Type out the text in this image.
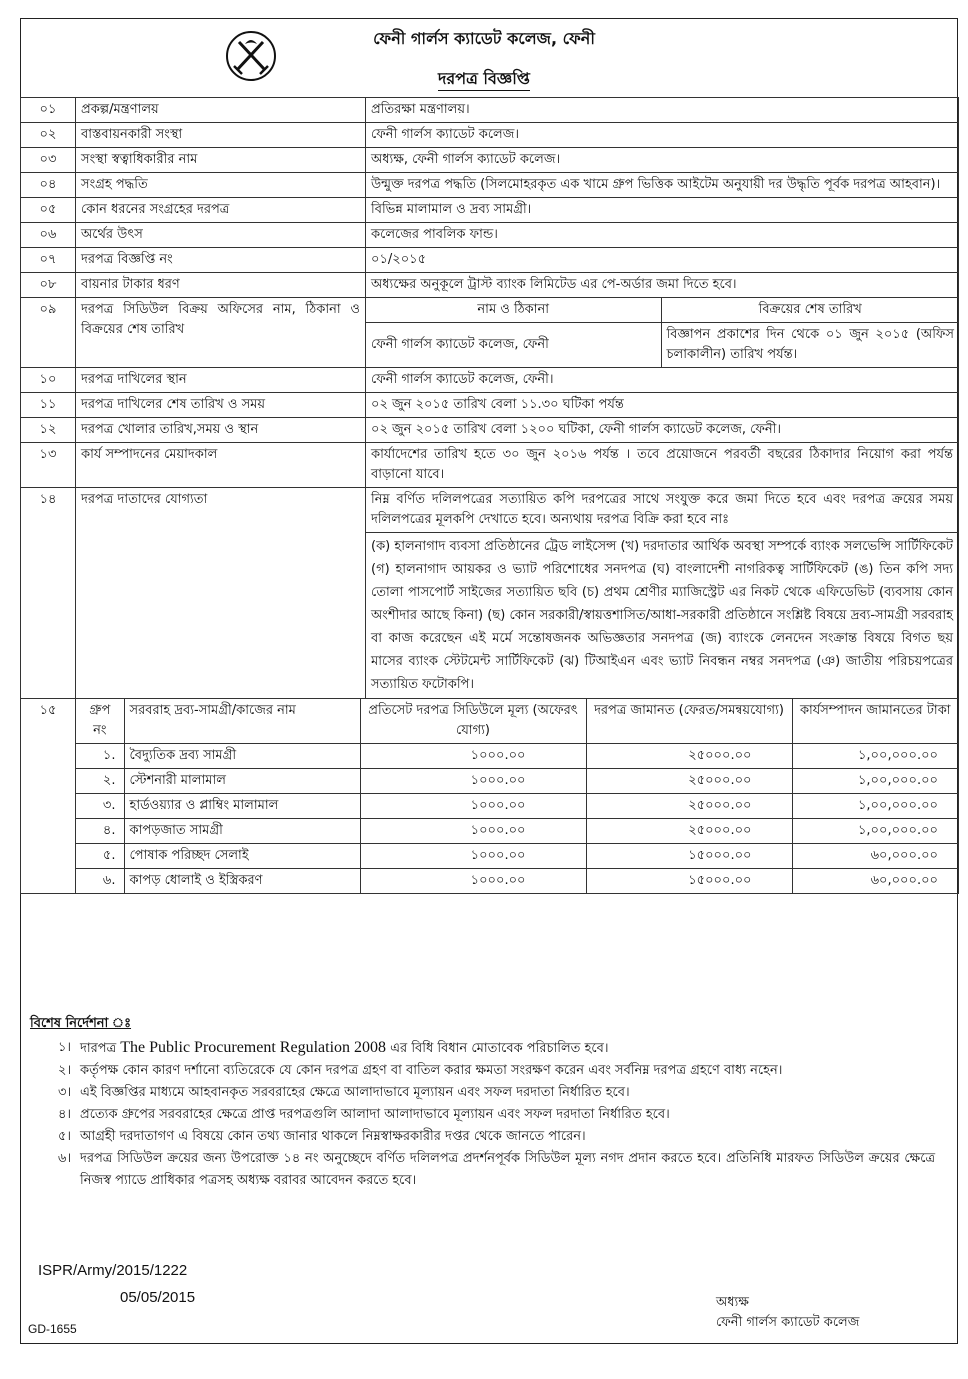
ফেনী গার্লস ক্যাডেট কলেজ, ফেনী
দরপত্র বিজ্ঞপ্তি
০১	প্রকল্প/মন্ত্রণালয়	প্রতিরক্ষা মন্ত্রণালয়।
০২	বাস্তবায়নকারী সংস্থা	ফেনী গার্লস ক্যাডেট কলেজ।
০৩	সংস্থা স্বত্বাধিকারীর নাম	অধ্যক্ষ, ফেনী গার্লস ক্যাডেট কলেজ।
০৪	সংগ্রহ পদ্ধতি	উন্মুক্ত দরপত্র পদ্ধতি (সিলমোহরকৃত এক খামে গ্রুপ ভিত্তিক আইটেম অনুযায়ী দর উদ্ধৃতি পূর্বক দরপত্র আহবান)।
০৫	কোন ধরনের সংগ্রহের দরপত্র	বিভিন্ন মালামাল ও দ্রব্য সামগ্রী।
০৬	অর্থের উৎস	কলেজের পাবলিক ফান্ড।
০৭	দরপত্র বিজ্ঞপ্তি নং	০১/২০১৫
০৮	বায়নার টাকার ধরণ	অধ্যক্ষের অনুকূলে ট্রাস্ট ব্যাংক লিমিটেড এর পে-অর্ডার জমা দিতে হবে।
০৯	দরপত্র সিডিউল বিক্রয় অফিসের নাম, ঠিকানা ও বিক্রয়ের শেষ তারিখ	
নাম ও ঠিকানা	বিক্রয়ের শেষ তারিখ
ফেনী গার্লস ক্যাডেট কলেজ, ফেনী	বিজ্ঞাপন প্রকাশের দিন থেকে ০১ জুন ২০১৫ (অফিস চলাকালীন) তারিখ পর্যন্ত।

১০	দরপত্র দাখিলের স্থান	ফেনী গার্লস ক্যাডেট কলেজ, ফেনী।
১১	দরপত্র দাখিলের শেষ তারিখ ও সময়	০২ জুন ২০১৫ তারিখ বেলা ১১.৩০ ঘটিকা পর্যন্ত
১২	দরপত্র খোলার তারিখ,সময় ও স্থান	০২ জুন ২০১৫ তারিখ বেলা ১২০০ ঘটিকা, ফেনী গার্লস ক্যাডেট কলেজ, ফেনী।
১৩	কার্য সম্পাদনের মেয়াদকাল	কার্যাদেশের তারিখ হতে ৩০ জুন ২০১৬ পর্যন্ত । তবে প্রয়োজনে পরবর্তী বছরের ঠিকাদার নিয়োগ করা পর্যন্ত বাড়ানো যাবে।
১৪	দরপত্র দাতাদের যোগ্যতা	নিম্ন বর্ণিত দলিলপত্রের সত্যায়িত কপি দরপত্রের সাথে সংযুক্ত করে জমা দিতে হবে এবং দরপত্র ক্রয়ের সময় দলিলপত্রের মূলকপি দেখাতে হবে। অন্যথায় দরপত্র বিক্রি করা হবে নাঃ
(ক) হালনাগাদ ব্যবসা প্রতিষ্ঠানের ট্রেড লাইসেন্স (খ) দরদাতার আর্থিক অবস্থা সম্পর্কে ব্যাংক সলভেন্সি সার্টিফিকেট (গ) হালনাগাদ আয়কর ও ভ্যাট পরিশোধের সনদপত্র (ঘ) বাংলাদেশী নাগরিকত্ব সার্টিফিকেট (ঙ) তিন কপি সদ্য তোলা পাসপোর্ট সাইজের সত্যায়িত ছবি (চ) প্রথম শ্রেণীর ম্যাজিস্ট্রেট এর নিকট থেকে এফিডেভিট (ব্যবসায় কোন অংশীদার আছে কিনা) (ছ) কোন সরকারী/স্বায়ত্তশাসিত/আধা-সরকারী প্রতিষ্ঠানে সংশ্লিষ্ট বিষয়ে দ্রব্য-সামগ্রী সরবরাহ বা কাজ করেছেন এই মর্মে সন্তোষজনক অভিজ্ঞতার সনদপত্র (জ) ব্যাংকে লেনদেন সংক্রান্ত বিষয়ে বিগত ছয় মাসের ব্যাংক স্টেটমেন্ট সার্টিফিকেট (ঝ) টিআইএন এবং ভ্যাট নিবন্ধন নম্বর সনদপত্র (ঞ) জাতীয় পরিচয়পত্রের সত্যায়িত ফটোকপি।

১৫		গ্রুপ নং	সরবরাহ দ্রব্য-সামগ্রী/কাজের নাম	প্রতিসেট দরপত্র সিডিউলে মূল্য (অফেরৎ যোগ্য)	দরপত্র জামানত (ফেরত/সমন্বয়যোগ্য)	কার্যসম্পাদন জামানতের টাকা
১.	বৈদ্যুতিক দ্রব্য সামগ্রী	১০০০.০০	২৫০০০.০০	১,০০,০০০.০০
২.	স্টেশনারী মালামাল	১০০০.০০	২৫০০০.০০	১,০০,০০০.০০
৩.	হার্ডওয়্যার ও প্লাম্বিং মালামাল	১০০০.০০	২৫০০০.০০	১,০০,০০০.০০
৪.	কাপড়জাত সামগ্রী	১০০০.০০	২৫০০০.০০	১,০০,০০০.০০
৫.	পোষাক পরিচ্ছদ সেলাই	১০০০.০০	১৫০০০.০০	৬০,০০০.০০
৬.	কাপড় ধোলাই ও ইস্ত্রিকরণ	১০০০.০০	১৫০০০.০০	৬০,০০০.০০
বিশেষ নির্দেশনা ঃ
১। দারপত্র The Public Procurement Regulation 2008 এর বিধি বিধান মোতাবেক পরিচালিত হবে।
২। কর্তৃপক্ষ কোন কারণ দর্শানো ব্যতিরেকে যে কোন দরপত্র গ্রহণ বা বাতিল করার ক্ষমতা সংরক্ষণ করেন এবং সর্বনিম্ন দরপত্র গ্রহণে বাধ্য নহেন।
৩। এই বিজ্ঞপ্তির মাধ্যমে আহবানকৃত সরবরাহের ক্ষেত্রে আলাদাভাবে মূল্যায়ন এবং সফল দরদাতা নির্ধারিত হবে।
৪। প্রত্যেক গ্রুপের সরবরাহের ক্ষেত্রে প্রাপ্ত দরপত্রগুলি আলাদা আলাদাভাবে মূল্যায়ন এবং সফল দরদাতা নির্ধারিত হবে।
৫। আগ্রহী দরদাতাগণ এ বিষয়ে কোন তথ্য জানার থাকলে নিম্নস্বাক্ষরকারীর দপ্তর থেকে জানতে পারেন।
৬। দরপত্র সিডিউল ক্রয়ের জন্য উপরোক্ত ১৪ নং অনুচ্ছেদে বর্ণিত দলিলপত্র প্রদর্শনপূর্বক সিডিউল মূল্য নগদ প্রদান করতে হবে। প্রতিনিধি মারফত সিডিউল ক্রয়ের ক্ষেত্রে নিজস্ব প্যাডে প্রাধিকার পত্রসহ অধ্যক্ষ বরাবর আবেদন করতে হবে।
ISPR/Army/2015/1222
05/05/2015
GD-1655
অধ্যক্ষ
ফেনী গার্লস ক্যাডেট কলেজ
